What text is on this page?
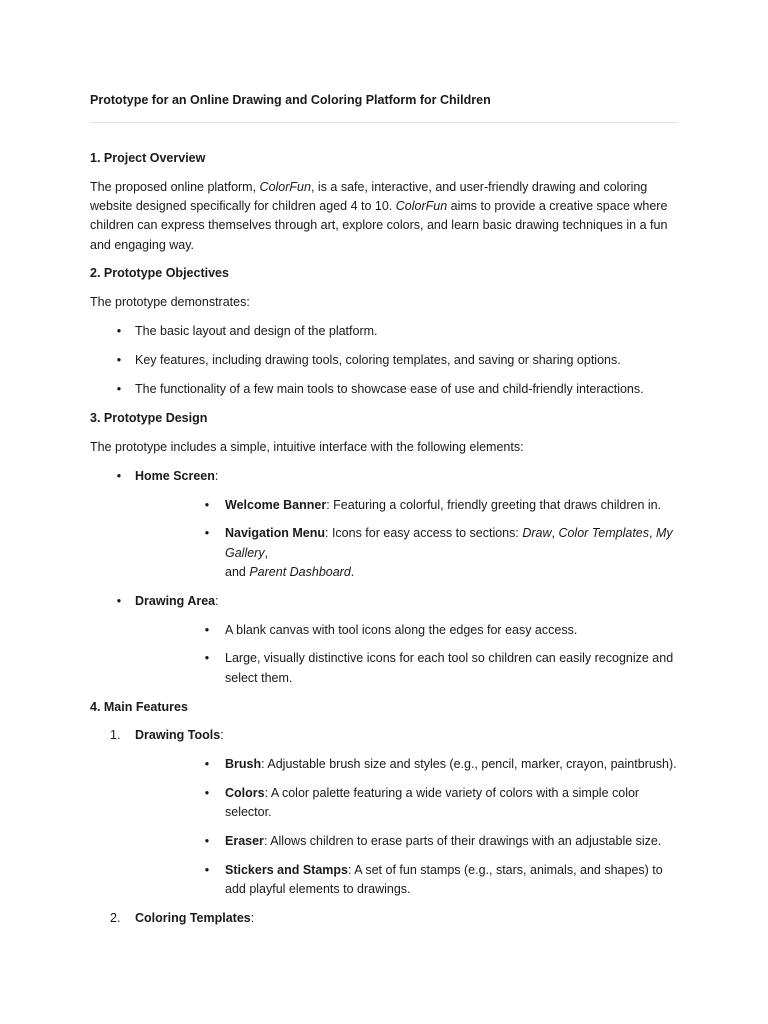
Prototype for an Online Drawing and Coloring Platform for Children

1. Project Overview

The proposed online platform, ColorFun, is a safe, interactive, and user-friendly drawing and coloring website designed specifically for children aged 4 to 10. ColorFun aims to provide a creative space where children can express themselves through art, explore colors, and learn basic drawing techniques in a fun and engaging way.

2. Prototype Objectives

The prototype demonstrates:

•	The basic layout and design of the platform.
•	Key features, including drawing tools, coloring templates, and saving or sharing options.
•	The functionality of a few main tools to showcase ease of use and child-friendly interactions.

3. Prototype Design

The prototype includes a simple, intuitive interface with the following elements:

•	Home Screen:
•	Welcome Banner: Featuring a colorful, friendly greeting that draws children in.
•	Navigation Menu: Icons for easy access to sections: Draw, Color Templates, My Gallery,
and Parent Dashboard.
•	Drawing Area:
•	A blank canvas with tool icons along the edges for easy access.
•	Large, visually distinctive icons for each tool so children can easily recognize and select them.

4. Main Features

1. Drawing Tools:
•	Brush: Adjustable brush size and styles (e.g., pencil, marker, crayon, paintbrush).
•	Colors: A color palette featuring a wide variety of colors with a simple color selector.
•	Eraser: Allows children to erase parts of their drawings with an adjustable size.
•	Stickers and Stamps: A set of fun stamps (e.g., stars, animals, and shapes) to add playful elements to drawings.
2. Coloring Templates:
